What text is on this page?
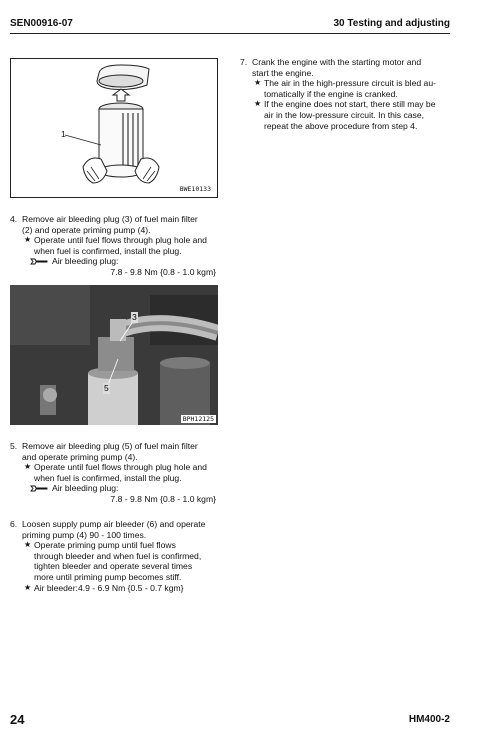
SEN00916-07	30 Testing and adjusting
1
BWE10133
4. Remove air bleeding plug (3) of fuel main filter
(2) and operate priming pump (4).
★ Operate until fuel flows through plug hole and
when fuel is confirmed, install the plug.
Air bleeding plug:
7.8 - 9.8 Nm {0.8 - 1.0 kgm}
3
5
BPH12125
5. Remove air bleeding plug (5) of fuel main filter
and operate priming pump (4).
★ Operate until fuel flows through plug hole and
when fuel is confirmed, install the plug.
Air bleeding plug:
7.8 - 9.8 Nm {0.8 - 1.0 kgm}
6. Loosen supply pump air bleeder (6) and operate
priming pump (4) 90 - 100 times.
★ Operate priming pump until fuel flows
through bleeder and when fuel is confirmed,
tighten bleeder and operate several times
more until priming pump becomes stiff.
★ Air bleeder:4.9 - 6.9 Nm {0.5 - 0.7 kgm}
7. Crank the engine with the starting motor and
start the engine.
★ The air in the high-pressure circuit is bled au-
tomatically if the engine is cranked.
★ If the engine does not start, there still may be
air in the low-pressure circuit. In this case,
repeat the above procedure from step 4.
24	HM400-2
